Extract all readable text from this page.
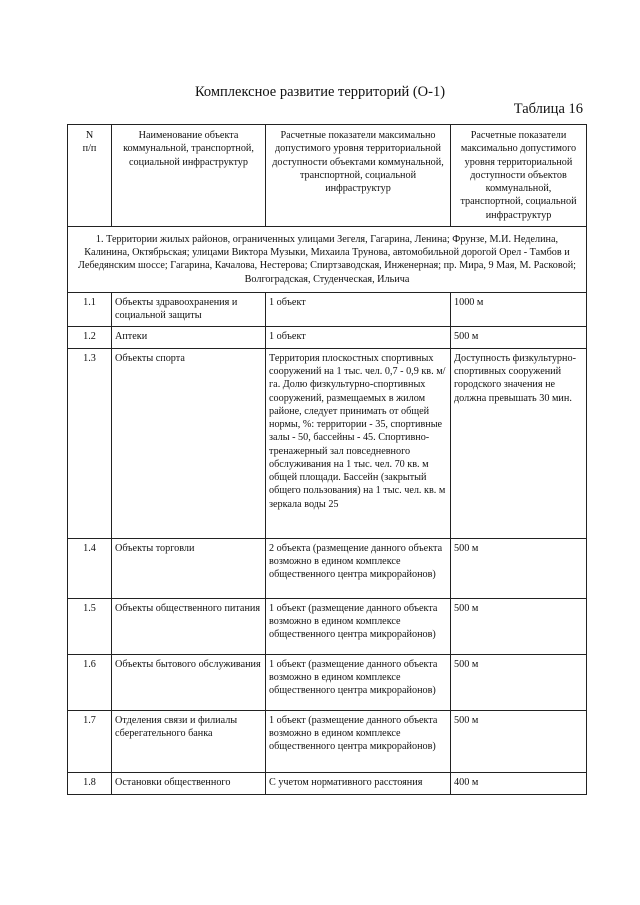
Комплексное развитие территорий (О-1)
Таблица 16
N
п/п	Наименование объекта коммунальной, транспортной, социальной инфраструктур	Расчетные показатели максимально допустимого уровня территориальной доступности объектами коммунальной, транспортной, социальной инфраструктур	Расчетные показатели максимально допустимого уровня территориальной доступности объектов коммунальной, транспортной, социальной инфраструктур
1. Территории жилых районов, ограниченных улицами Зегеля, Гагарина, Ленина; Фрунзе, М.И. Неделина, Калинина, Октябрьская; улицами Виктора Музыки, Михаила Трунова, автомобильной дорогой Орел - Тамбов и Лебедянским шоссе; Гагарина, Качалова, Нестерова; Спиртзаводская, Инженерная; пр. Мира, 9 Мая, М. Расковой; Волгоградская, Студенческая, Ильича			
1.1	Объекты здравоохранения и социальной защиты	1 объект	1000 м
1.2	Аптеки	1 объект	500 м
1.3	Объекты спорта	Территория плоскостных спортивных сооружений на 1 тыс. чел. 0,7 - 0,9 кв. м/га. Долю физкультурно-спортивных сооружений, размещаемых в жилом районе, следует принимать от общей нормы, %: территории - 35, спортивные залы - 50, бассейны - 45. Спортивно-тренажерный зал повседневного обслуживания на 1 тыс. чел. 70 кв. м общей площади. Бассейн (закрытый общего пользования) на 1 тыс. чел. кв. м зеркала воды 25	Доступность физкультурно-спортивных сооружений городского значения не должна превышать 30 мин.
1.4	Объекты торговли	2 объекта (размещение данного объекта возможно в едином комплексе общественного центра микрорайонов)	500 м
1.5	Объекты общественного питания	1 объект (размещение данного объекта возможно в едином комплексе общественного центра микрорайонов)	500 м
1.6	Объекты бытового обслуживания	1 объект (размещение данного объекта возможно в едином комплексе общественного центра микрорайонов)	500 м
1.7	Отделения связи и филиалы сберегательного банка	1 объект (размещение данного объекта возможно в едином комплексе общественного центра микрорайонов)	500 м
1.8	Остановки общественного	С учетом нормативного расстояния	400 м
